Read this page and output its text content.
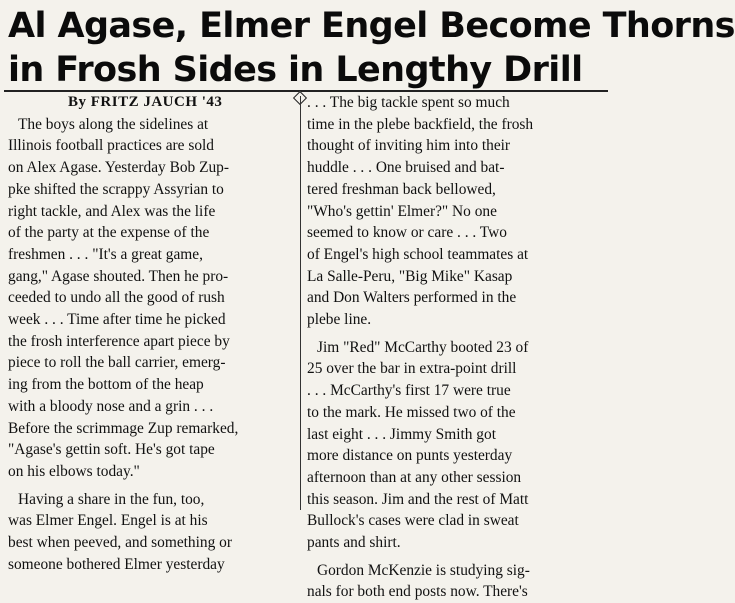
Al Agase, Elmer Engel Become Thorns
in Frosh Sides in Lengthy Drill
By FRITZ JAUCH '43

The boys along the sidelines at
Illinois football practices are sold
on Alex Agase. Yesterday Bob Zup-
pke shifted the scrappy Assyrian to
right tackle, and Alex was the life
of the party at the expense of the
freshmen . . . "It's a great game,
gang," Agase shouted. Then he pro-
ceeded to undo all the good of rush
week . . . Time after time he picked
the frosh interference apart piece by
piece to roll the ball carrier, emerg-
ing from the bottom of the heap
with a bloody nose and a grin . . .
Before the scrimmage Zup remarked,
"Agase's gettin soft. He's got tape
on his elbows today."

Having a share in the fun, too,
was Elmer Engel. Engel is at his
best when peeved, and something or
someone bothered Elmer yesterday

. . . The big tackle spent so much
time in the plebe backfield, the frosh
thought of inviting him into their
huddle . . . One bruised and bat-
tered freshman back bellowed,
"Who's gettin' Elmer?" No one
seemed to know or care . . . Two
of Engel's high school teammates at
La Salle-Peru, "Big Mike" Kasap
and Don Walters performed in the
plebe line.

Jim "Red" McCarthy booted 23 of
25 over the bar in extra-point drill
. . . McCarthy's first 17 were true
to the mark. He missed two of the
last eight . . . Jimmy Smith got
more distance on punts yesterday
afternoon than at any other session
this season. Jim and the rest of Matt
Bullock's cases were clad in sweat
pants and shirt.

Gordon McKenzie is studying sig-
nals for both end posts now. There's
